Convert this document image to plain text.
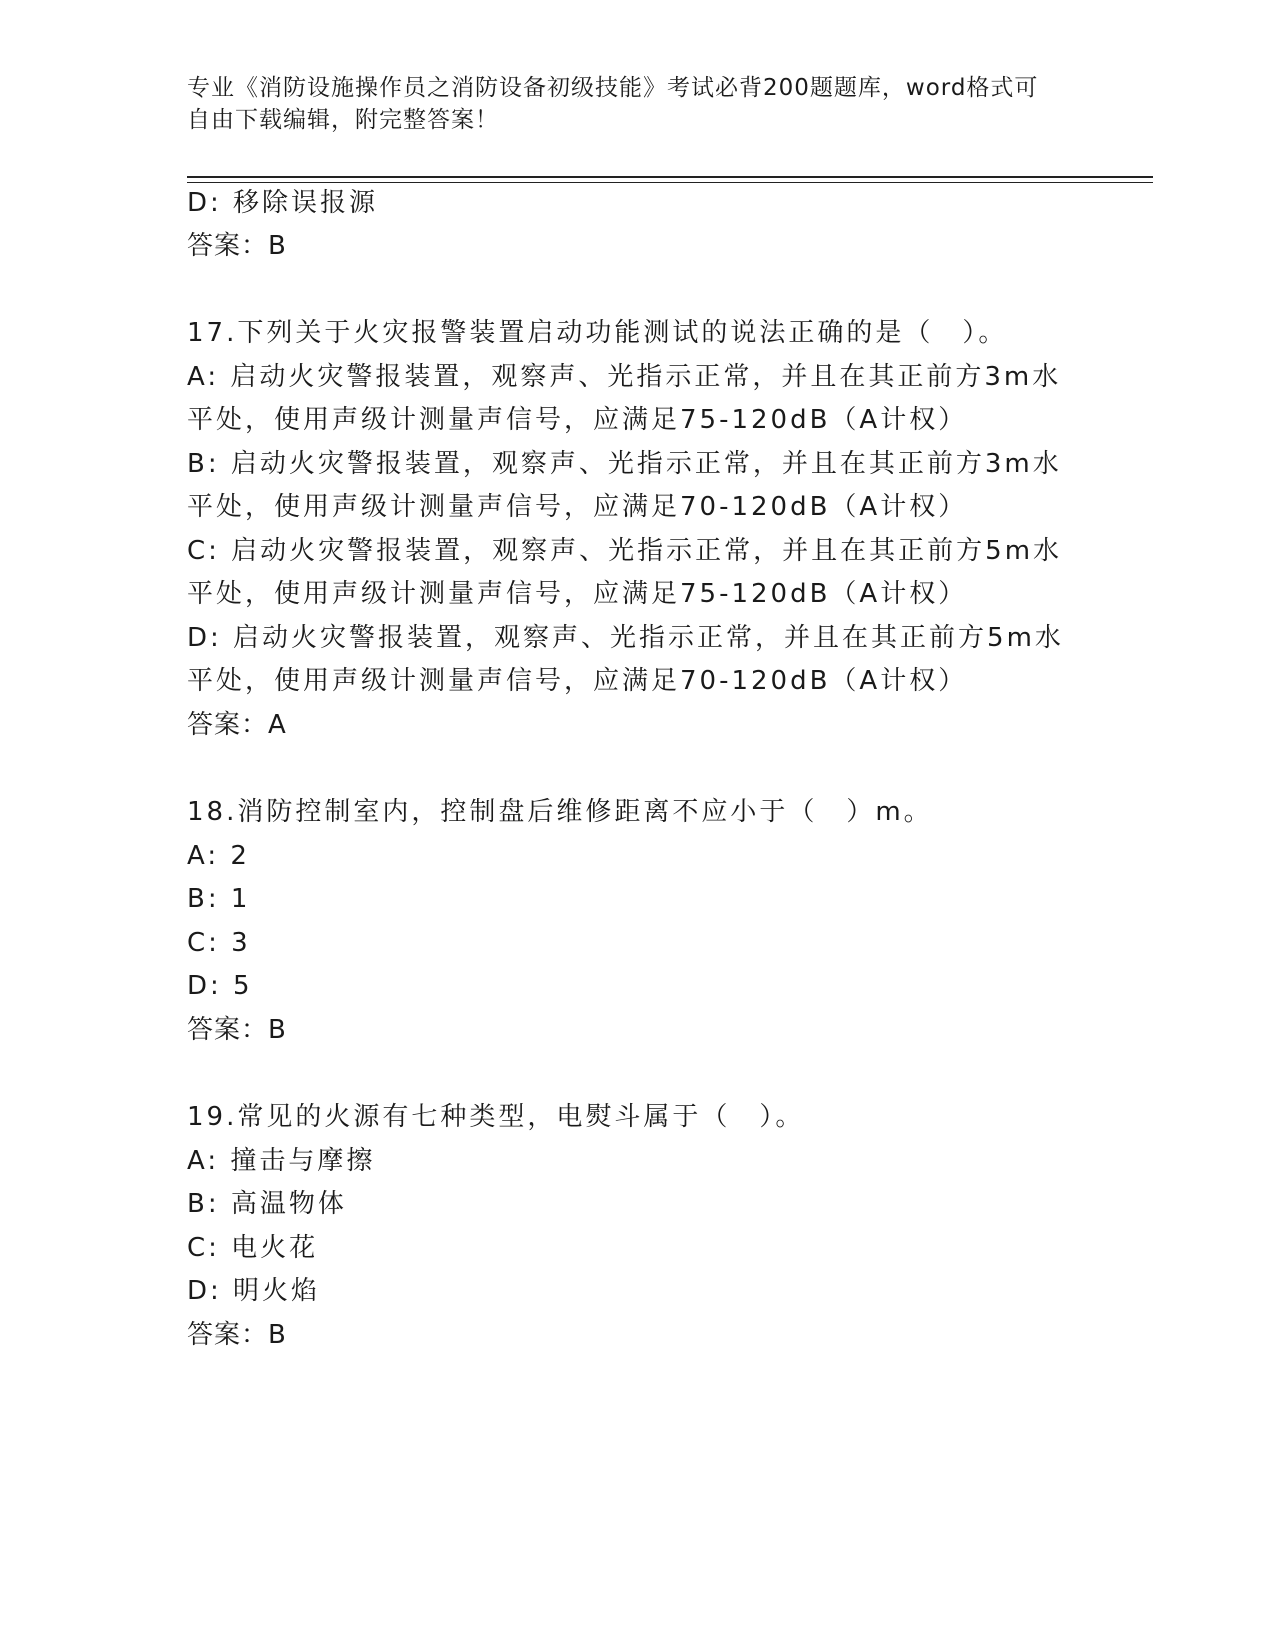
专业《消防设施操作员之消防设备初级技能》考试必背200题题库，word格式可
自由下载编辑，附完整答案！
D: 移除误报源
答案：B
17.下列关于火灾报警装置启动功能测试的说法正确的是（　）。
A: 启动火灾警报装置，观察声、光指示正常，并且在其正前方3m水
平处，使用声级计测量声信号，应满足75-120dB（A计权）
B: 启动火灾警报装置，观察声、光指示正常，并且在其正前方3m水
平处，使用声级计测量声信号，应满足70-120dB（A计权）
C: 启动火灾警报装置，观察声、光指示正常，并且在其正前方5m水
平处，使用声级计测量声信号，应满足75-120dB（A计权）
D: 启动火灾警报装置，观察声、光指示正常，并且在其正前方5m水
平处，使用声级计测量声信号，应满足70-120dB（A计权）
答案：A
18.消防控制室内，控制盘后维修距离不应小于（　）m。
A: 2
B: 1
C: 3
D: 5
答案：B
19.常见的火源有七种类型，电熨斗属于（　）。
A: 撞击与摩擦
B: 高温物体
C: 电火花
D: 明火焰
答案：B
